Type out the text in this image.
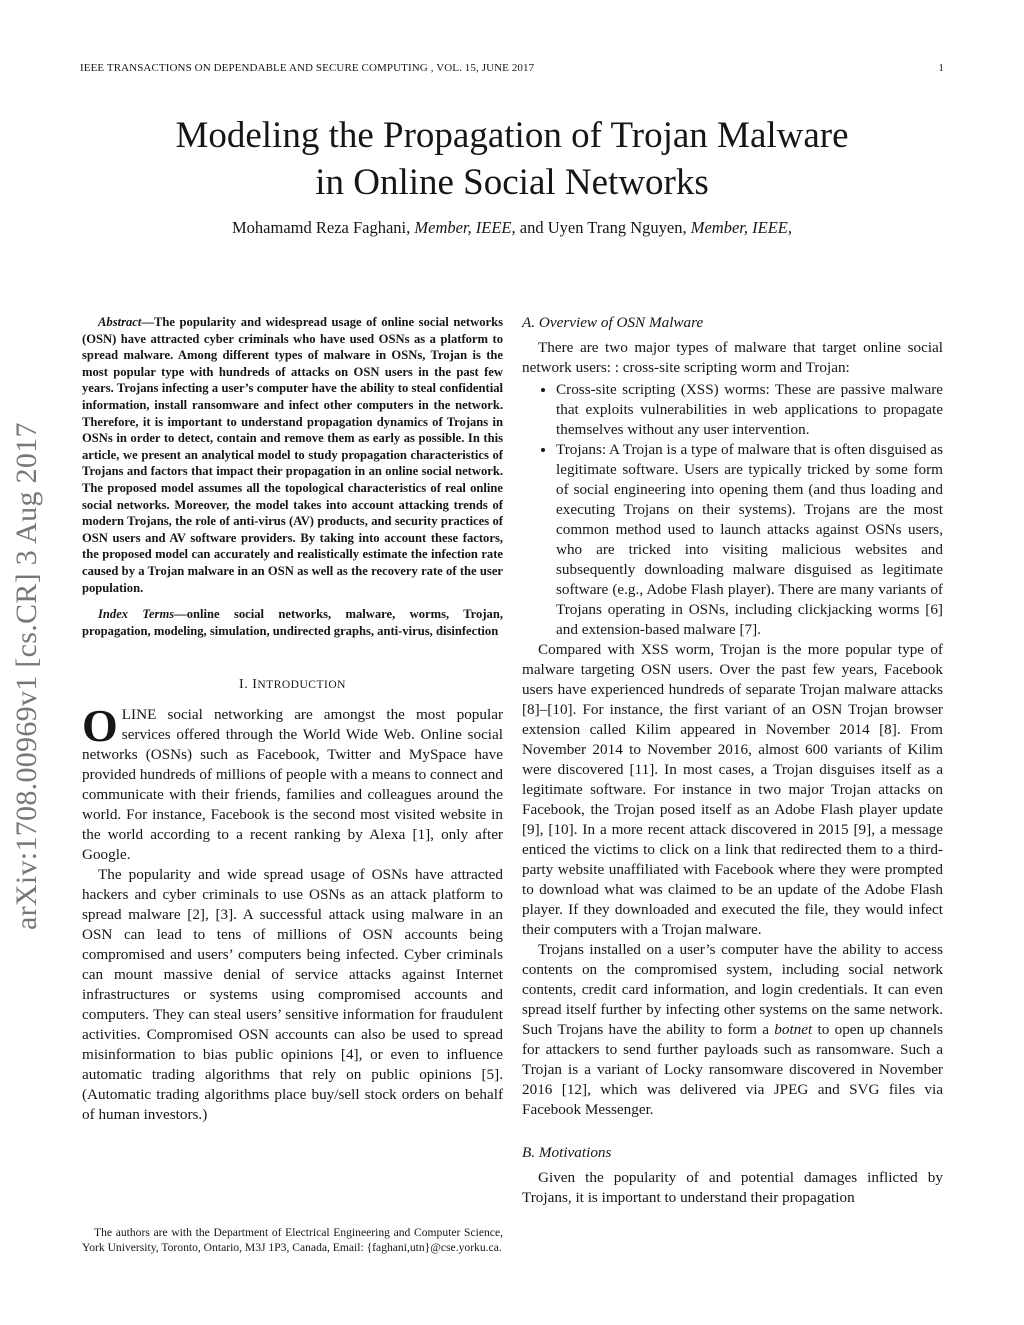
IEEE TRANSACTIONS ON DEPENDABLE AND SECURE COMPUTING , VOL. 15, JUNE 2017	1
Modeling the Propagation of Trojan Malware
in Online Social Networks
Mohamamd Reza Faghani, Member, IEEE, and Uyen Trang Nguyen, Member, IEEE,
arXiv:1708.00969v1 [cs.CR] 3 Aug 2017

Abstract—The popularity and widespread usage of online social networks (OSN) have attracted cyber criminals who have used OSNs as a platform to spread malware. Among different types of malware in OSNs, Trojan is the most popular type with hundreds of attacks on OSN users in the past few years. Trojans infecting a user’s computer have the ability to steal confidential information, install ransomware and infect other computers in the network. Therefore, it is important to understand propagation dynamics of Trojans in OSNs in order to detect, contain and remove them as early as possible. In this article, we present an analytical model to study propagation characteristics of Trojans and factors that impact their propagation in an online social network. The proposed model assumes all the topological characteristics of real online social networks. Moreover, the model takes into account attacking trends of modern Trojans, the role of anti-virus (AV) products, and security practices of OSN users and AV software providers. By taking into account these factors, the proposed model can accurately and realistically estimate the infection rate caused by a Trojan malware in an OSN as well as the recovery rate of the user population.

Index Terms—online social networks, malware, worms, Trojan, propagation, modeling, simulation, undirected graphs, anti-virus, disinfection

I. INTRODUCTION

OLINE social networking are amongst the most popular services offered through the World Wide Web. Online social networks (OSNs) such as Facebook, Twitter and MySpace have provided hundreds of millions of people with a means to connect and communicate with their friends, families and colleagues around the world. For instance, Facebook is the second most visited website in the world according to a recent ranking by Alexa [1], only after Google.

The popularity and wide spread usage of OSNs have attracted hackers and cyber criminals to use OSNs as an attack platform to spread malware [2], [3]. A successful attack using malware in an OSN can lead to tens of millions of OSN accounts being compromised and users’ computers being infected. Cyber criminals can mount massive denial of service attacks against Internet infrastructures or systems using compromised accounts and computers. They can steal users’ sensitive information for fraudulent activities. Compromised OSN accounts can also be used to spread misinformation to bias public opinions [4], or even to influence automatic trading algorithms that rely on public opinions [5]. (Automatic trading algorithms place buy/sell stock orders on behalf of human investors.)

The authors are with the Department of Electrical Engineering and Computer Science, York University, Toronto, Ontario, M3J 1P3, Canada, Email: {faghani,utn}@cse.yorku.ca.
A. Overview of OSN Malware

There are two major types of malware that target online social network users: : cross-site scripting worm and Trojan:

• Cross-site scripting (XSS) worms: These are passive malware that exploits vulnerabilities in web applications to propagate themselves without any user intervention.
• Trojans: A Trojan is a type of malware that is often disguised as legitimate software. Users are typically tricked by some form of social engineering into opening them (and thus loading and executing Trojans on their systems). Trojans are the most common method used to launch attacks against OSNs users, who are tricked into visiting malicious websites and subsequently downloading malware disguised as legitimate software (e.g., Adobe Flash player). There are many variants of Trojans operating in OSNs, including clickjacking worms [6] and extension-based malware [7].

Compared with XSS worm, Trojan is the more popular type of malware targeting OSN users. Over the past few years, Facebook users have experienced hundreds of separate Trojan malware attacks [8]–[10]. For instance, the first variant of an OSN Trojan browser extension called Kilim appeared in November 2014 [8]. From November 2014 to November 2016, almost 600 variants of Kilim were discovered [11]. In most cases, a Trojan disguises itself as a legitimate software. For instance in two major Trojan attacks on Facebook, the Trojan posed itself as an Adobe Flash player update [9], [10]. In a more recent attack discovered in 2015 [9], a message enticed the victims to click on a link that redirected them to a third-party website unaffiliated with Facebook where they were prompted to download what was claimed to be an update of the Adobe Flash player. If they downloaded and executed the file, they would infect their computers with a Trojan malware.

Trojans installed on a user’s computer have the ability to access contents on the compromised system, including social network contents, credit card information, and login credentials. It can even spread itself further by infecting other systems on the same network. Such Trojans have the ability to form a botnet to open up channels for attackers to send further payloads such as ransomware. Such a Trojan is a variant of Locky ransomware discovered in November 2016 [12], which was delivered via JPEG and SVG files via Facebook Messenger.

B. Motivations

Given the popularity of and potential damages inflicted by Trojans, it is important to understand their propagation
